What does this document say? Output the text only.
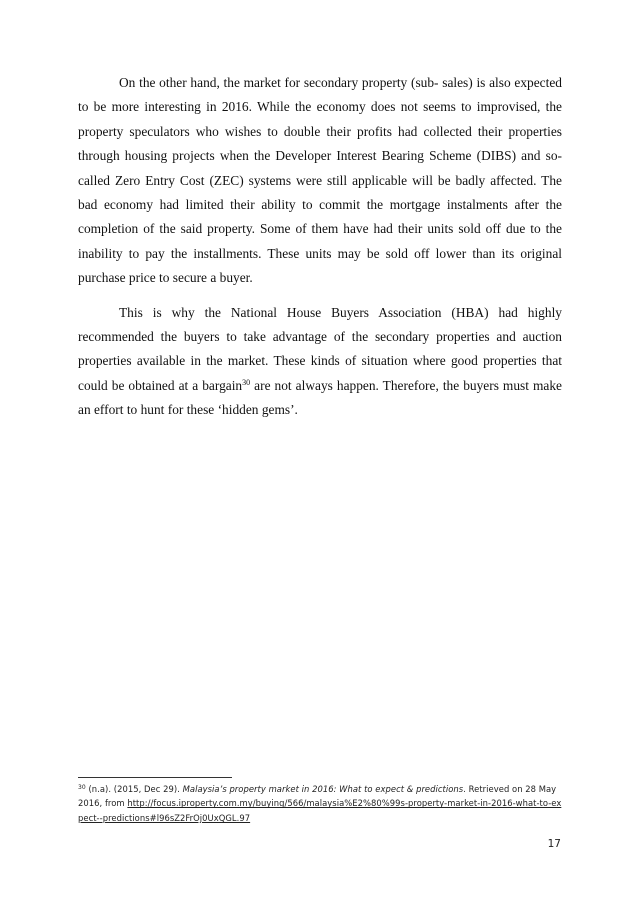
On the other hand, the market for secondary property (sub- sales) is also expected to be more interesting in 2016. While the economy does not seems to improvised, the property speculators who wishes to double their profits had collected their properties through housing projects when the Developer Interest Bearing Scheme (DIBS) and so-called Zero Entry Cost (ZEC) systems were still applicable will be badly affected. The bad economy had limited their ability to commit the mortgage instalments after the completion of the said property. Some of them have had their units sold off due to the inability to pay the installments. These units may be sold off lower than its original purchase price to secure a buyer.

This is why the National House Buyers Association (HBA) had highly recommended the buyers to take advantage of the secondary properties and auction properties available in the market. These kinds of situation where good properties that could be obtained at a bargain$^{30}$ are not always happen. Therefore, the buyers must make an effort to hunt for these ‘hidden gems’.

$^{30}$ (n.a). (2015, Dec 29). Malaysia’s property market in 2016: What to expect & predictions. Retrieved on 28 May 2016, from http://focus.iproperty.com.my/buying/566/malaysia%E2%80%99s-property-market-in-2016-what-to-expect--predictions#l96sZ2FrOj0UxQGL.97
17
